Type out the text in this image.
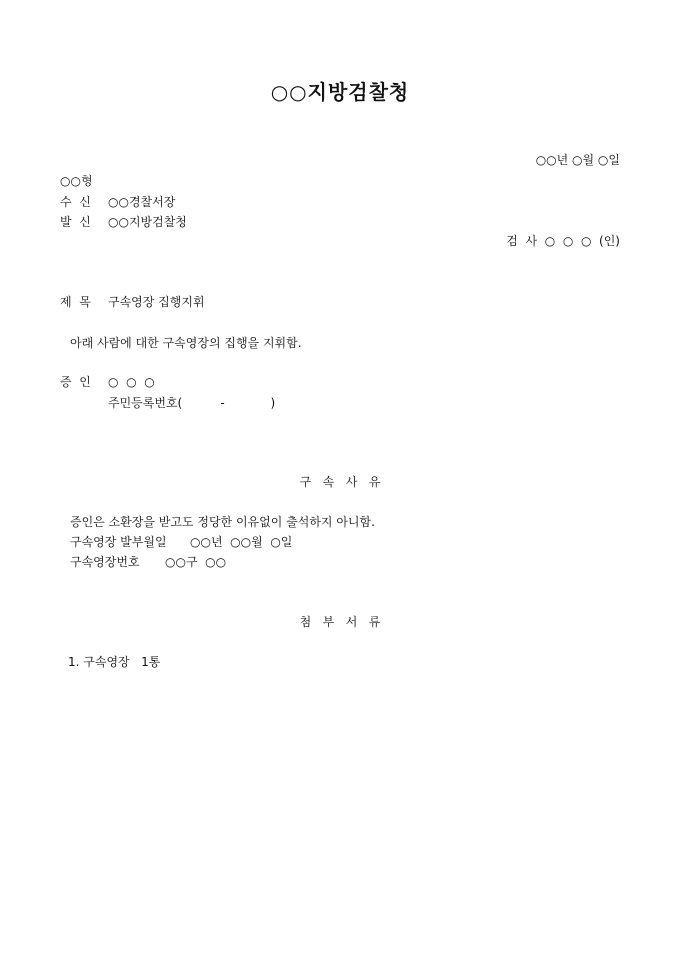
○○지방검찰청
○○년 ○월 ○일
○○형
수  신 ○○경찰서장
발  신 ○○지방검찰청
검  사  ○  ○  ○  (인)
제  목 구속영장 집행지휘
아래 사람에 대한 구속영장의 집행을 지휘함.
증  인 ○  ○  ○
주민등록번호(          -            )
구   속   사   유
증인은 소환장을 받고도 정당한 이유없이 출석하지 아니함.
구속영장 발부월일 ○○년  ○○월  ○일
구속영장번호 ○○구  ○○
첨   부   서   류
1. 구속영장   1통
